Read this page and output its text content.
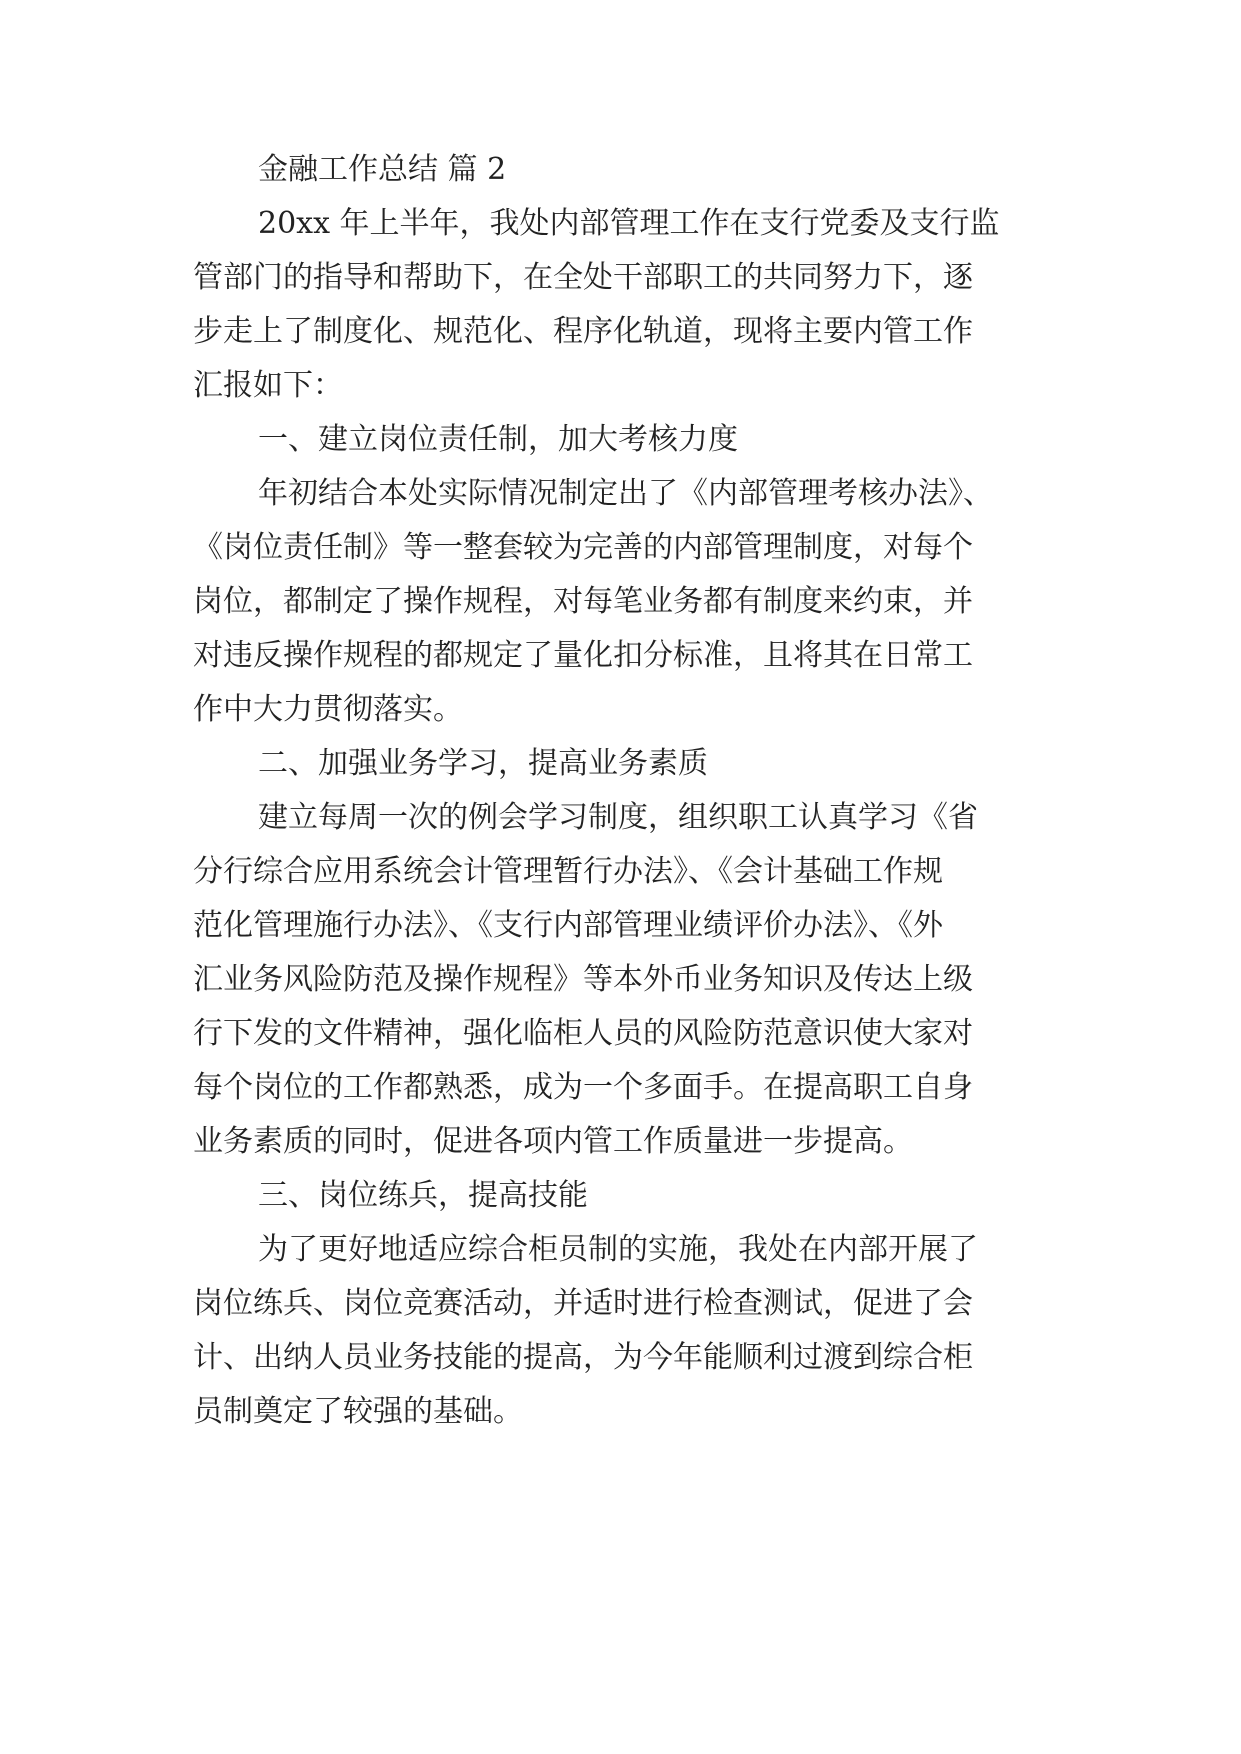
金融工作总结 篇 2
20xx 年上半年，我处内部管理工作在支行党委及支行监
管部门的指导和帮助下，在全处干部职工的共同努力下，逐
步走上了制度化、规范化、程序化轨道，现将主要内管工作
汇报如下：
一、建立岗位责任制，加大考核力度
年初结合本处实际情况制定出了《内部管理考核办法》、
《岗位责任制》等一整套较为完善的内部管理制度，对每个
岗位，都制定了操作规程，对每笔业务都有制度来约束，并
对违反操作规程的都规定了量化扣分标准，且将其在日常工
作中大力贯彻落实。
二、加强业务学习，提高业务素质
建立每周一次的例会学习制度，组织职工认真学习《省
分行综合应用系统会计管理暂行办法》、《会计基础工作规
范化管理施行办法》、《支行内部管理业绩评价办法》、《外
汇业务风险防范及操作规程》等本外币业务知识及传达上级
行下发的文件精神，强化临柜人员的风险防范意识使大家对
每个岗位的工作都熟悉，成为一个多面手。在提高职工自身
业务素质的同时，促进各项内管工作质量进一步提高。
三、岗位练兵，提高技能
为了更好地适应综合柜员制的实施，我处在内部开展了
岗位练兵、岗位竞赛活动，并适时进行检查测试，促进了会
计、出纳人员业务技能的提高，为今年能顺利过渡到综合柜
员制奠定了较强的基础。
